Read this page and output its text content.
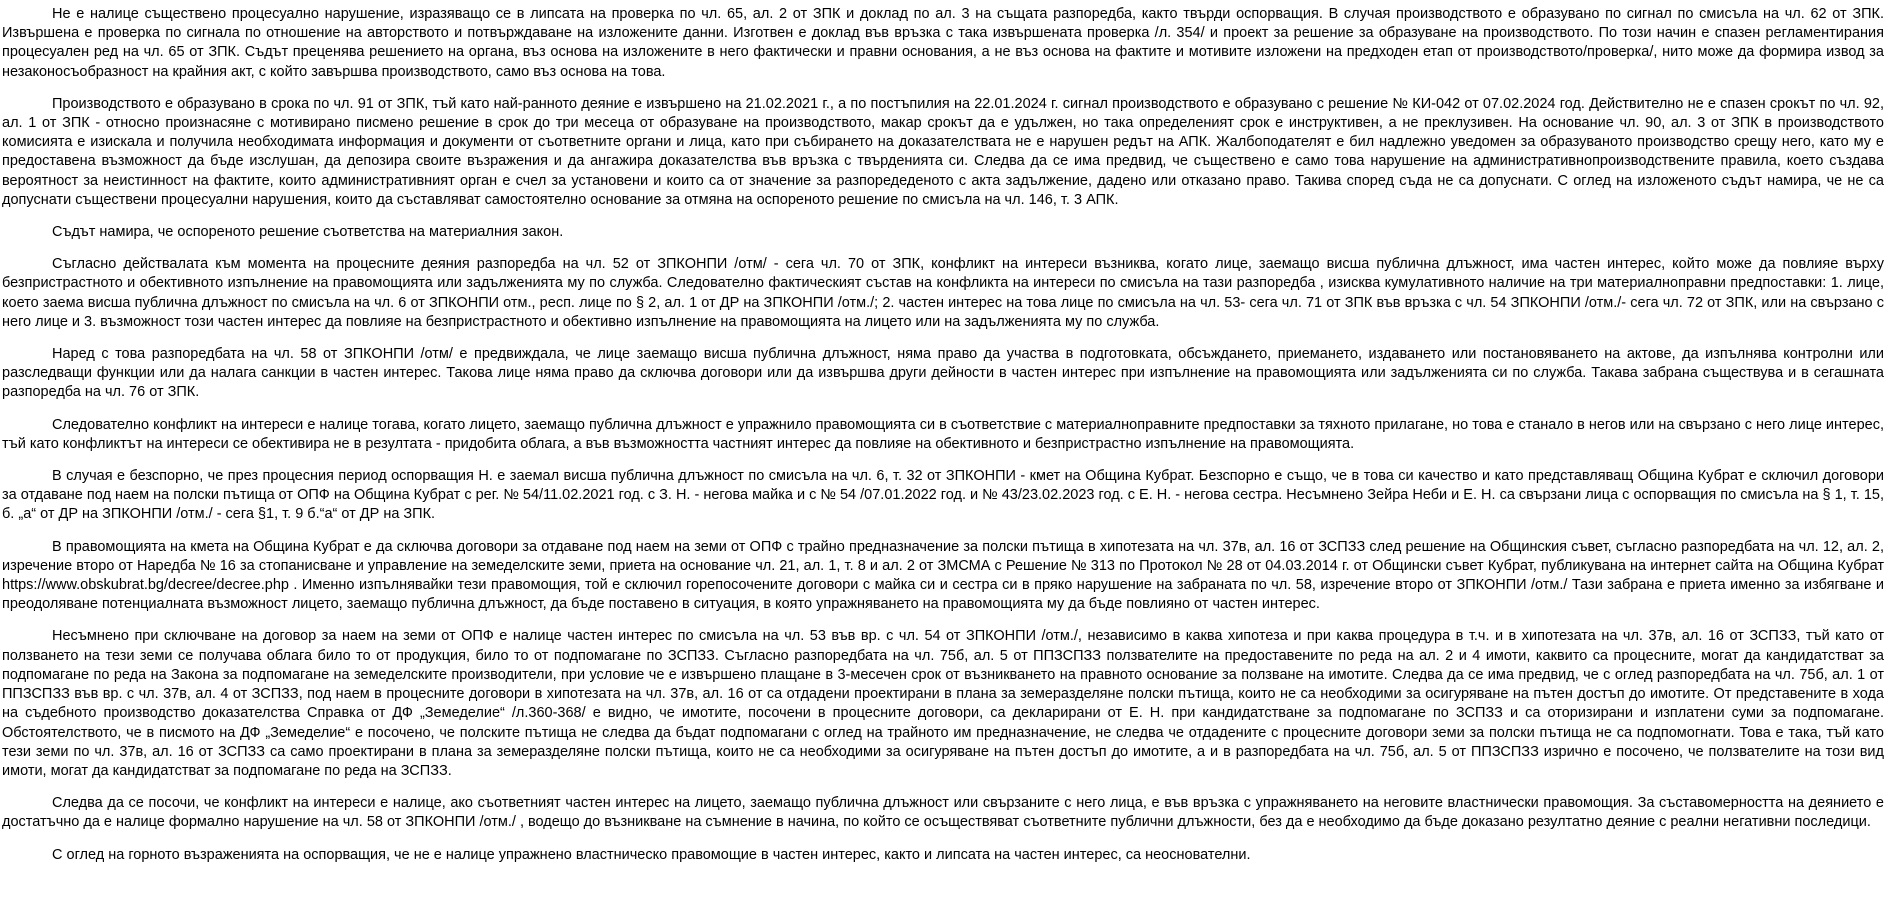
Не е налице съществено процесуално нарушение, изразяващо се в липсата на проверка по чл. 65, ал. 2 от ЗПК и доклад по ал. 3 на същата разпоредба, както твърди оспорващия. В случая производството е образувано по сигнал по смисъла на чл. 62 от ЗПК. Извършена е проверка по сигнала по отношение на авторството и потвърждаване на изложените данни. Изготвен е доклад във връзка с така извършената проверка /л. 354/ и проект за решение за образуване на производството. По този начин е спазен регламентирания процесуален ред на чл. 65 от ЗПК. Съдът преценява решението на органа, въз основа на изложените в него фактически и правни основания, а не въз основа на фактите и мотивите изложени на предходен етап от производството/проверка/, нито може да формира извод за незаконосъобразност на крайния акт, с който завършва производството, само въз основа на това.

Производството е образувано в срока по чл. 91 от ЗПК, тъй като най-ранното деяние е извършено на 21.02.2021 г., а по постъпилия на 22.01.2024 г. сигнал производството е образувано с решение № КИ-042 от 07.02.2024 год. Действително не е спазен срокът по чл. 92, ал. 1 от ЗПК - относно произнасяне с мотивирано писмено решение в срок до три месеца от образуване на производството, макар срокът да е удължен, но така определеният срок е инструктивен, а не преклузивен. На основание чл. 90, ал. 3 от ЗПК в производството комисията е изискала и получила необходимата информация и документи от съответните органи и лица, като при събирането на доказателствата не е нарушен редът на АПК. Жалбоподателят е бил надлежно уведомен за образуваното производство срещу него, като му е предоставена възможност да бъде изслушан, да депозира своите възражения и да ангажира доказателства във връзка с твърденията си. Следва да се има предвид, че съществено е само това нарушение на административнопроизводствените правила, което създава вероятност за неистинност на фактите, които административният орган е счел за установени и които са от значение за разпоредеденото с акта задължение, дадено или отказано право. Такива според съда не са допуснати. С оглед на изложеното съдът намира, че не са допуснати съществени процесуални нарушения, които да съставляват самостоятелно основание за отмяна на оспореното решение по смисъла на чл. 146, т. 3 АПК.

Съдът намира, че оспореното решение съответства на материалния закон.

Съгласно действалата към момента на процесните деяния разпоредба на чл. 52 от ЗПКОНПИ /отм/ - сега чл. 70 от ЗПК, конфликт на интереси възниква, когато лице, заемащо висша публична длъжност, има частен интерес, който може да повлияе върху безпристрастното и обективното изпълнение на правомощията или задълженията му по служба. Следователно фактическият състав на конфликта на интереси по смисъла на тази разпоредба , изисква кумулативното наличие на три материалноправни предпоставки: 1. лице, което заема висша публична длъжност по смисъла на чл. 6 от ЗПКОНПИ отм., респ. лице по § 2, ал. 1 от ДР на ЗПКОНПИ /отм./; 2. частен интерес на това лице по смисъла на чл. 53- сега чл. 71 от ЗПК във връзка с чл. 54 ЗПКОНПИ /отм./- сега чл. 72 от ЗПК, или на свързано с него лице и 3. възможност този частен интерес да повлияе на безпристрастното и обективно изпълнение на правомощията на лицето или на задълженията му по служба.

Наред с това разпоредбата на чл. 58 от ЗПКОНПИ /отм/ е предвиждала, че лице заемащо висша публична длъжност, няма право да участва в подготовката, обсъждането, приемането, издаването или постановяването на актове, да изпълнява контролни или разследващи функции или да налага санкции в частен интерес. Такова лице няма право да сключва договори или да извършва други дейности в частен интерес при изпълнение на правомощията или задълженията си по служба. Такава забрана съществува и в сегашната разпоредба на чл. 76 от ЗПК.

Следователно конфликт на интереси е налице тогава, когато лицето, заемащо публична длъжност е упражнило правомощията си в съответствие с материалноправните предпоставки за тяхното прилагане, но това е станало в негов или на свързано с него лице интерес, тъй като конфликтът на интереси се обективира не в резултата - придобита облага, а във възможността частният интерес да повлияе на обективното и безпристрастно изпълнение на правомощията.

В случая е безспорно, че през процесния период оспорващия Н. е заемал висша публична длъжност по смисъла на чл. 6, т. 32 от ЗПКОНПИ - кмет на Община Кубрат. Безспорно е също, че в това си качество и като представляващ Община Кубрат е сключил договори за отдаване под наем на полски пътища от ОПФ на Община Кубрат с рег. № 54/11.02.2021 год. с З. Н. - негова майка и с № 54 /07.01.2022 год. и № 43/23.02.2023 год. с Е. Н. - негова сестра. Несъмнено Зейра Неби и Е. Н. са свързани лица с оспорващия по смисъла на § 1, т. 15, б. „а“ от ДР на ЗПКОНПИ /отм./ - сега §1, т. 9 б.“а“ от ДР на ЗПК.

В правомощията на кмета на Община Кубрат е да сключва договори за отдаване под наем на земи от ОПФ с трайно предназначение за полски пътища в хипотезата на чл. 37в, ал. 16 от ЗСПЗЗ след решение на Общинския съвет, съгласно разпоредбата на чл. 12, ал. 2, изречение второ от Наредба № 16 за стопанисване и управление на земеделските земи, приета на основание чл. 21, ал. 1, т. 8 и ал. 2 от ЗМСМА с Решение № 313 по Протокол № 28 от 04.03.2014 г. от Общински съвет Кубрат, публикувана на интернет сайта на Община Кубрат https://www.obskubrat.bg/decree/decree.php . Именно изпълнявайки тези правомощия, той е сключил горепосочените договори с майка си и сестра си в пряко нарушение на забраната по чл. 58, изречение второ от ЗПКОНПИ /отм./ Тази забрана е приета именно за избягване и преодоляване потенциалната възможност лицето, заемащо публична длъжност, да бъде поставено в ситуация, в която упражняването на правомощията му да бъде повлияно от частен интерес.

Несъмнено при сключване на договор за наем на земи от ОПФ е налице частен интерес по смисъла на чл. 53 във вр. с чл. 54 от ЗПКОНПИ /отм./, независимо в каква хипотеза и при каква процедура в т.ч. и в хипотезата на чл. 37в, ал. 16 от ЗСПЗЗ, тъй като от ползването на тези земи се получава облага било то от продукция, било то от подпомагане по ЗСПЗЗ. Съгласно разпоредбата на чл. 75б, ал. 5 от ППЗСПЗЗ ползвателите на предоставените по реда на ал. 2 и 4 имоти, каквито са процесните, могат да кандидатстват за подпомагане по реда на Закона за подпомагане на земеделските производители, при условие че е извършено плащане в 3-месечен срок от възникването на правното основание за ползване на имотите. Следва да се има предвид, че с оглед разпоредбата на чл. 75б, ал. 1 от ППЗСПЗЗ във вр. с чл. 37в, ал. 4 от ЗСПЗЗ, под наем в процесните договори в хипотезата на чл. 37в, ал. 16 от са отдадени проектирани в плана за земеразделяне полски пътища, които не са необходими за осигуряване на пътен достъп до имотите. От представените в хода на съдебното производство доказателства Справка от ДФ „Земеделие“ /л.360-368/ е видно, че имотите, посочени в процесните договори, са декларирани от Е. Н. при кандидатстване за подпомагане по ЗСПЗЗ и са оторизирани и изплатени суми за подпомагане. Обстоятелството, че в писмото на ДФ „Земеделие“ е посочено, че полските пътища не следва да бъдат подпомагани с оглед на трайното им предназначение, не следва че отдадените с процесните договори земи за полски пътища не са подпомогнати. Това е така, тъй като тези земи по чл. 37в, ал. 16 от ЗСПЗЗ са само проектирани в плана за земеразделяне полски пътища, които не са необходими за осигуряване на пътен достъп до имотите, а и в разпоредбата на чл. 75б, ал. 5 от ППЗСПЗЗ изрично е посочено, че ползвателите на този вид имоти, могат да кандидатстват за подпомагане по реда на ЗСПЗЗ.

Следва да се посочи, че конфликт на интереси е налице, ако съответният частен интерес на лицето, заемащо публична длъжност или свързаните с него лица, е във връзка с упражняването на неговите властнически правомощия. За съставомерността на деянието е достатъчно да е налице формално нарушение на чл. 58 от ЗПКОНПИ /отм./ , водещо до възникване на съмнение в начина, по който се осъществяват съответните публични длъжности, без да е необходимо да бъде доказано резултатно деяние с реални негативни последици.

С оглед на горното възраженията на оспорващия, че не е налице упражнено властническо правомощие в частен интерес, както и липсата на частен интерес, са неоснователни.
